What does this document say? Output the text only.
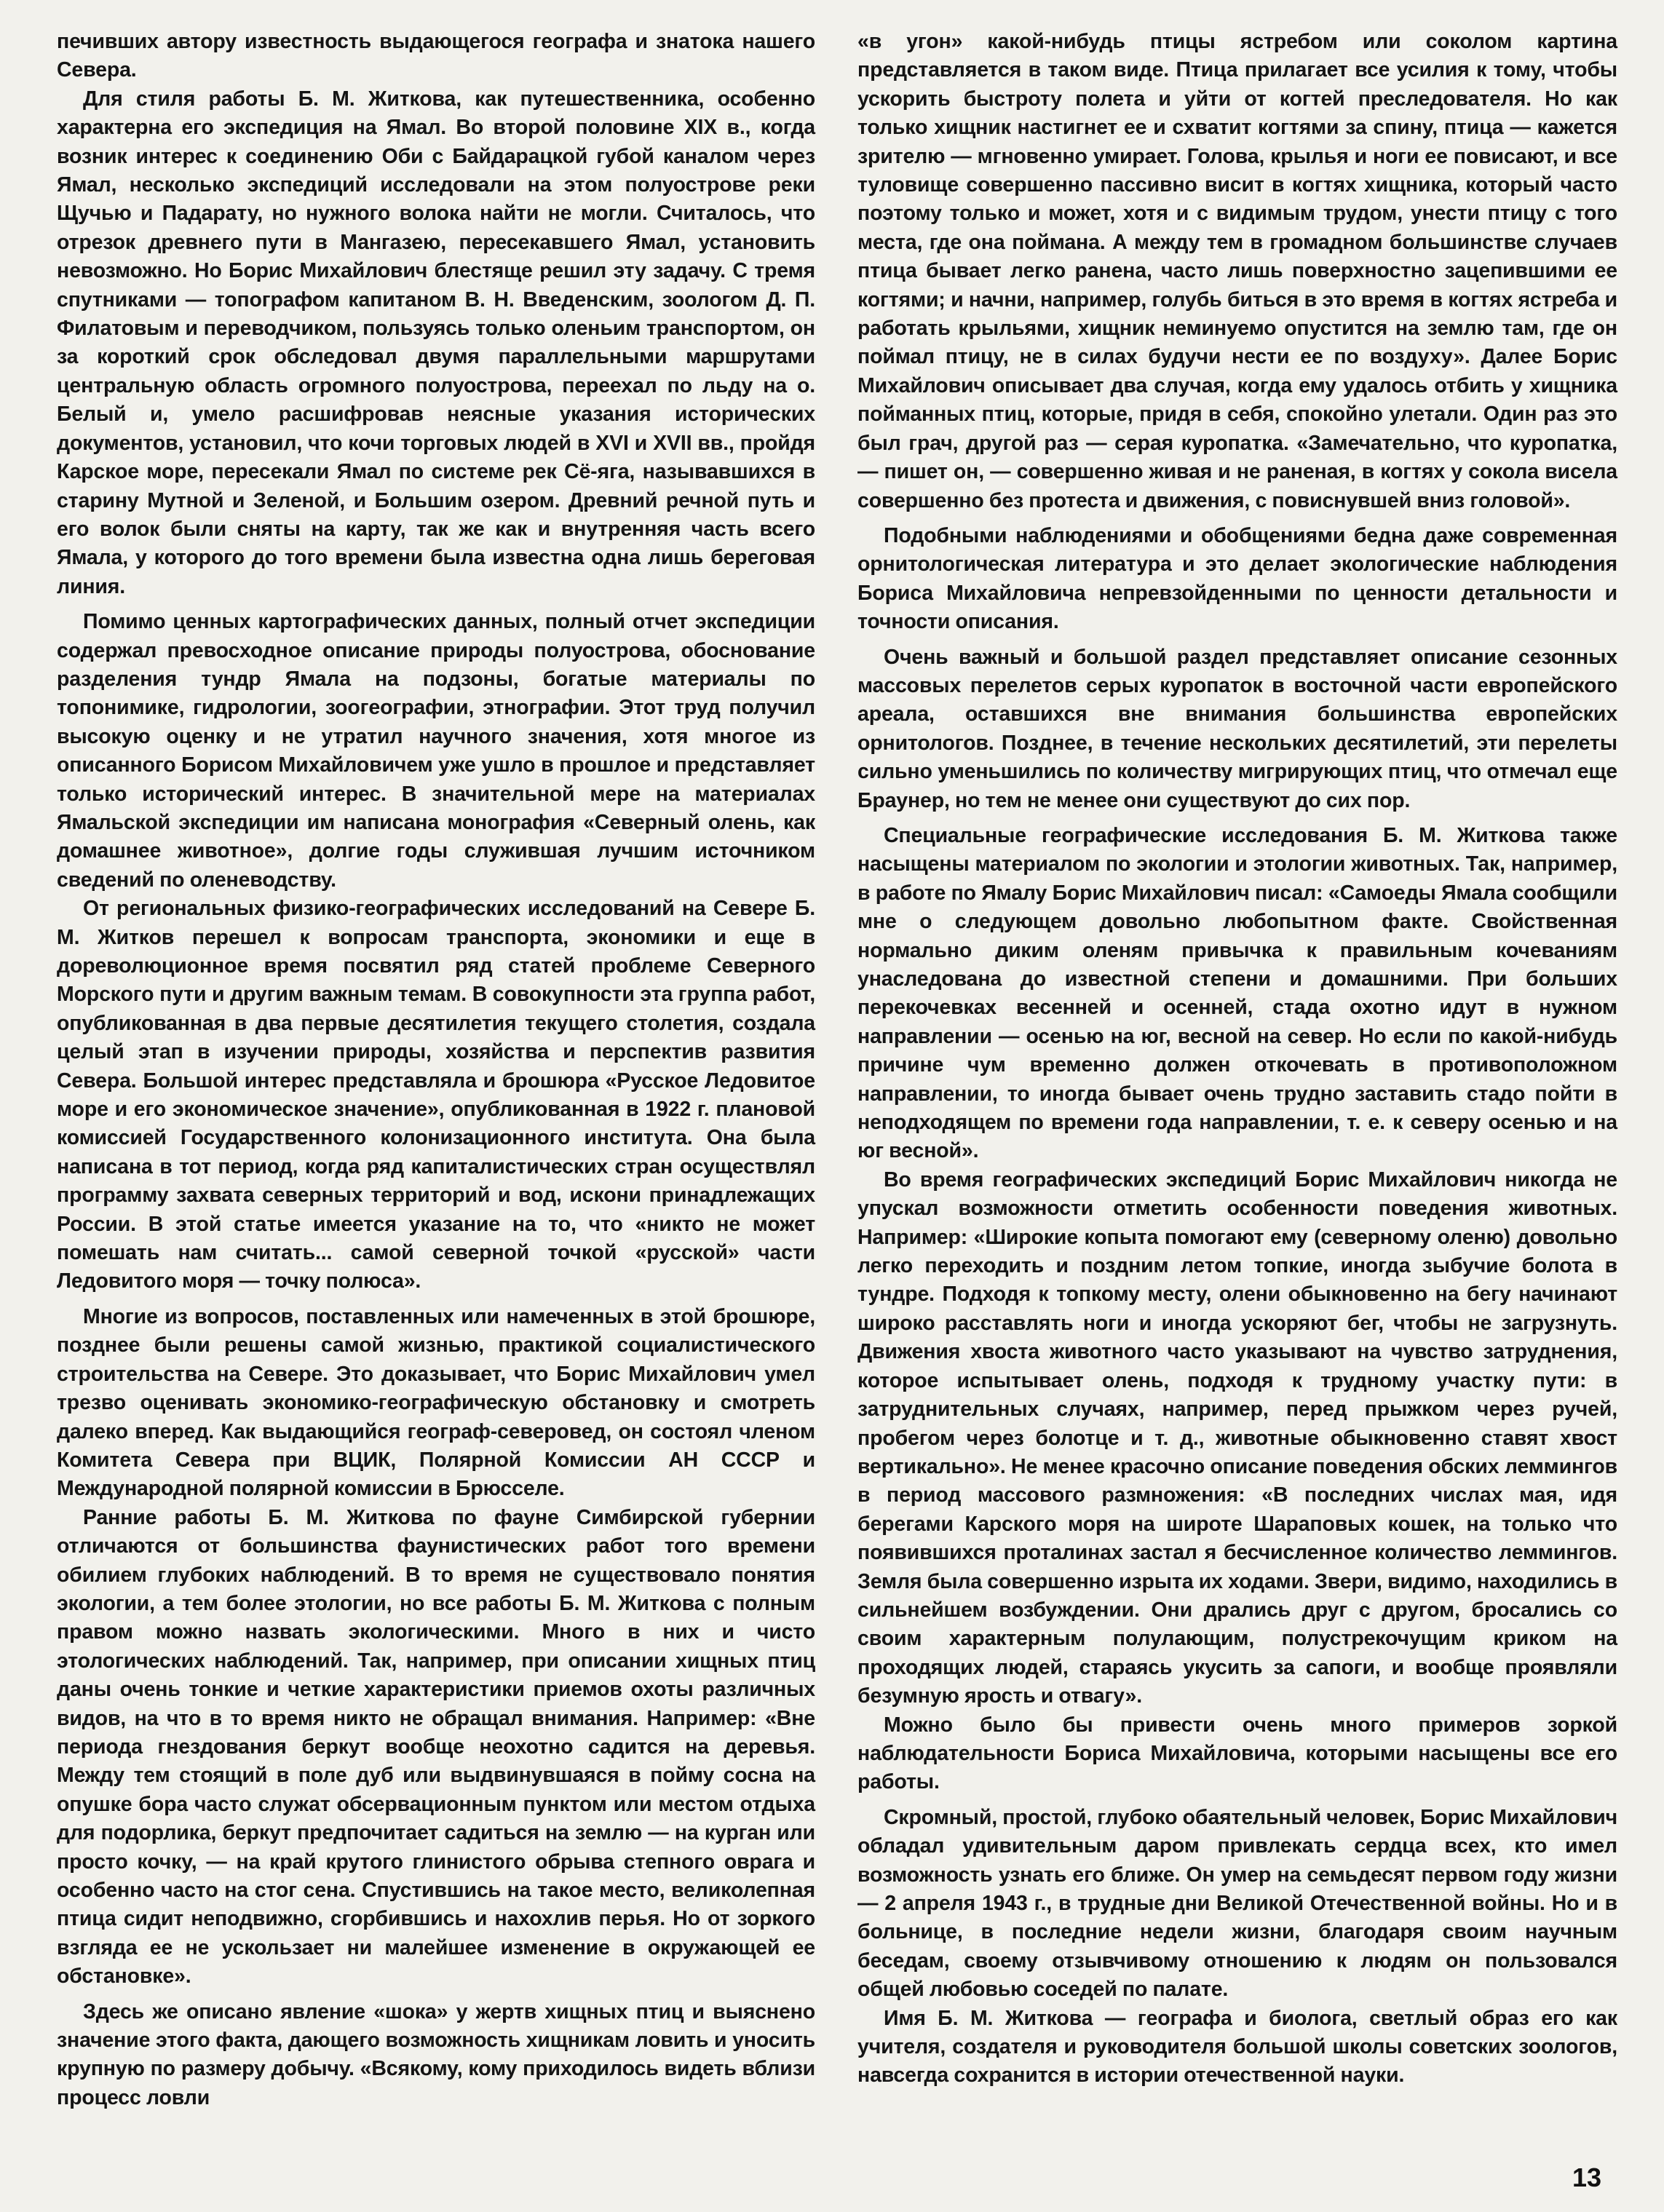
печивших автору известность выдающегося географа и знатока нашего Севера.

Для стиля работы Б. М. Житкова, как путешественника, особенно характерна его экспедиция на Ямал. Во второй половине XIX в., когда возник интерес к соединению Оби с Байдарацкой губой каналом через Ямал, несколько экспедиций исследовали на этом полуострове реки Щучью и Падарату, но нужного волока найти не могли. Считалось, что отрезок древнего пути в Мангазею, пересекавшего Ямал, установить невозможно. Но Борис Михайлович блестяще решил эту задачу. С тремя спутниками — топографом капитаном В. Н. Введенским, зоологом Д. П. Филатовым и переводчиком, пользуясь только оленьим транспортом, он за короткий срок обследовал двумя параллельными маршрутами центральную область огромного полуострова, переехал по льду на о. Белый и, умело расшифровав неясные указания исторических документов, установил, что кочи торговых людей в XVI и XVII вв., пройдя Карское море, пересекали Ямал по системе рек Сё-яга, называвшихся в старину Мутной и Зеленой, и Большим озером. Древний речной путь и его волок были сняты на карту, так же как и внутренняя часть всего Ямала, у которого до того времени была известна одна лишь береговая линия.

Помимо ценных картографических данных, полный отчет экспедиции содержал превосходное описание природы полуострова, обоснование разделения тундр Ямала на подзоны, богатые материалы по топонимике, гидрологии, зоогеографии, этнографии. Этот труд получил высокую оценку и не утратил научного значения, хотя многое из описанного Борисом Михайловичем уже ушло в прошлое и представляет только исторический интерес. В значительной мере на материалах Ямальской экспедиции им написана монография «Северный олень, как домашнее животное», долгие годы служившая лучшим источником сведений по оленеводству.

От региональных физико-географических исследований на Севере Б. М. Житков перешел к вопросам транспорта, экономики и еще в дореволюционное время посвятил ряд статей проблеме Северного Морского пути и другим важным темам. В совокупности эта группа работ, опубликованная в два первые десятилетия текущего столетия, создала целый этап в изучении природы, хозяйства и перспектив развития Севера. Большой интерес представляла и брошюра «Русское Ледовитое море и его экономическое значение», опубликованная в 1922 г. плановой комиссией Государственного колонизационного института. Она была написана в тот период, когда ряд капиталистических стран осуществлял программу захвата северных территорий и вод, искони принадлежащих России. В этой статье имеется указание на то, что «никто не может помешать нам считать... самой северной точкой «русской» части Ледовитого моря — точку полюса».

Многие из вопросов, поставленных или намеченных в этой брошюре, позднее были решены самой жизнью, практикой социалистического строительства на Севере. Это доказывает, что Борис Михайлович умел трезво оценивать экономико-географическую обстановку и смотреть далеко вперед. Как выдающийся географ-северовед, он состоял членом Комитета Севера при ВЦИК, Полярной Комиссии АН СССР и Международной полярной комиссии в Брюсселе.

Ранние работы Б. М. Житкова по фауне Симбирской губернии отличаются от большинства фаунистических работ того времени обилием глубоких наблюдений. В то время не существовало понятия экологии, а тем более этологии, но все работы Б. М. Житкова с полным правом можно назвать экологическими. Много в них и чисто этологических наблюдений. Так, например, при описании хищных птиц даны очень тонкие и четкие характеристики приемов охоты различных видов, на что в то время никто не обращал внимания. Например: «Вне периода гнездования беркут вообще неохотно садится на деревья. Между тем стоящий в поле дуб или выдвинувшаяся в пойму сосна на опушке бора часто служат обсервационным пунктом или местом отдыха для подорлика, беркут предпочитает садиться на землю — на курган или просто кочку, — на край крутого глинистого обрыва степного оврага и особенно часто на стог сена. Спустившись на такое место, великолепная птица сидит неподвижно, сгорбившись и нахохлив перья. Но от зоркого взгляда ее не ускользает ни малейшее изменение в окружающей ее обстановке».

Здесь же описано явление «шока» у жертв хищных птиц и выяснено значение этого факта, дающего возможность хищникам ловить и уносить крупную по размеру добычу. «Всякому, кому приходилось видеть вблизи процесс ловли

«в угон» какой-нибудь птицы ястребом или соколом картина представляется в таком виде. Птица прилагает все усилия к тому, чтобы ускорить быстроту полета и уйти от когтей преследователя. Но как только хищник настигнет ее и схватит когтями за спину, птица — кажется зрителю — мгновенно умирает. Голова, крылья и ноги ее повисают, и все туловище совершенно пассивно висит в когтях хищника, который часто поэтому только и может, хотя и с видимым трудом, унести птицу с того места, где она поймана. А между тем в громадном большинстве случаев птица бывает легко ранена, часто лишь поверхностно зацепившими ее когтями; и начни, например, голубь биться в это время в когтях ястреба и работать крыльями, хищник неминуемо опустится на землю там, где он поймал птицу, не в силах будучи нести ее по воздуху». Далее Борис Михайлович описывает два случая, когда ему удалось отбить у хищника пойманных птиц, которые, придя в себя, спокойно улетали. Один раз это был грач, другой раз — серая куропатка. «Замечательно, что куропатка, — пишет он, — совершенно живая и не раненая, в когтях у сокола висела совершенно без протеста и движения, с повиснувшей вниз головой».

Подобными наблюдениями и обобщениями бедна даже современная орнитологическая литература и это делает экологические наблюдения Бориса Михайловича непревзойденными по ценности детальности и точности описания.

Очень важный и большой раздел представляет описание сезонных массовых перелетов серых куропаток в восточной части европейского ареала, оставшихся вне внимания большинства европейских орнитологов. Позднее, в течение нескольких десятилетий, эти перелеты сильно уменьшились по количеству мигрирующих птиц, что отмечал еще Браунер, но тем не менее они существуют до сих пор.

Специальные географические исследования Б. М. Житкова также насыщены материалом по экологии и этологии животных. Так, например, в работе по Ямалу Борис Михайлович писал: «Самоеды Ямала сообщили мне о следующем довольно любопытном факте. Свойственная нормально диким оленям привычка к правильным кочеваниям унаследована до известной степени и домашними. При больших перекочевках весенней и осенней, стада охотно идут в нужном направлении — осенью на юг, весной на север. Но если по какой-нибудь причине чум временно должен откочевать в противоположном направлении, то иногда бывает очень трудно заставить стадо пойти в неподходящем по времени года направлении, т. е. к северу осенью и на юг весной».

Во время географических экспедиций Борис Михайлович никогда не упускал возможности отметить особенности поведения животных. Например: «Широкие копыта помогают ему (северному оленю) довольно легко переходить и поздним летом топкие, иногда зыбучие болота в тундре. Подходя к топкому месту, олени обыкновенно на бегу начинают широко расставлять ноги и иногда ускоряют бег, чтобы не загрузнуть. Движения хвоста животного часто указывают на чувство затруднения, которое испытывает олень, подходя к трудному участку пути: в затруднительных случаях, например, перед прыжком через ручей, пробегом через болотце и т. д., животные обыкновенно ставят хвост вертикально». Не менее красочно описание поведения обских леммингов в период массового размножения: «В последних числах мая, идя берегами Карского моря на широте Шараповых кошек, на только что появившихся проталинах застал я бесчисленное количество леммингов. Земля была совершенно изрыта их ходами. Звери, видимо, находились в сильнейшем возбуждении. Они дрались друг с другом, бросались со своим характерным полулающим, полустрекочущим криком на проходящих людей, стараясь укусить за сапоги, и вообще проявляли безумную ярость и отвагу».

Можно было бы привести очень много примеров зоркой наблюдательности Бориса Михайловича, которыми насыщены все его работы.

Скромный, простой, глубоко обаятельный человек, Борис Михайлович обладал удивительным даром привлекать сердца всех, кто имел возможность узнать его ближе. Он умер на семьдесят первом году жизни — 2 апреля 1943 г., в трудные дни Великой Отечественной войны. Но и в больнице, в последние недели жизни, благодаря своим научным беседам, своему отзывчивому отношению к людям он пользовался общей любовью соседей по палате.

Имя Б. М. Житкова — географа и биолога, светлый образ его как учителя, создателя и руководителя большой школы советских зоологов, навсегда сохранится в истории отечественной науки.

13
